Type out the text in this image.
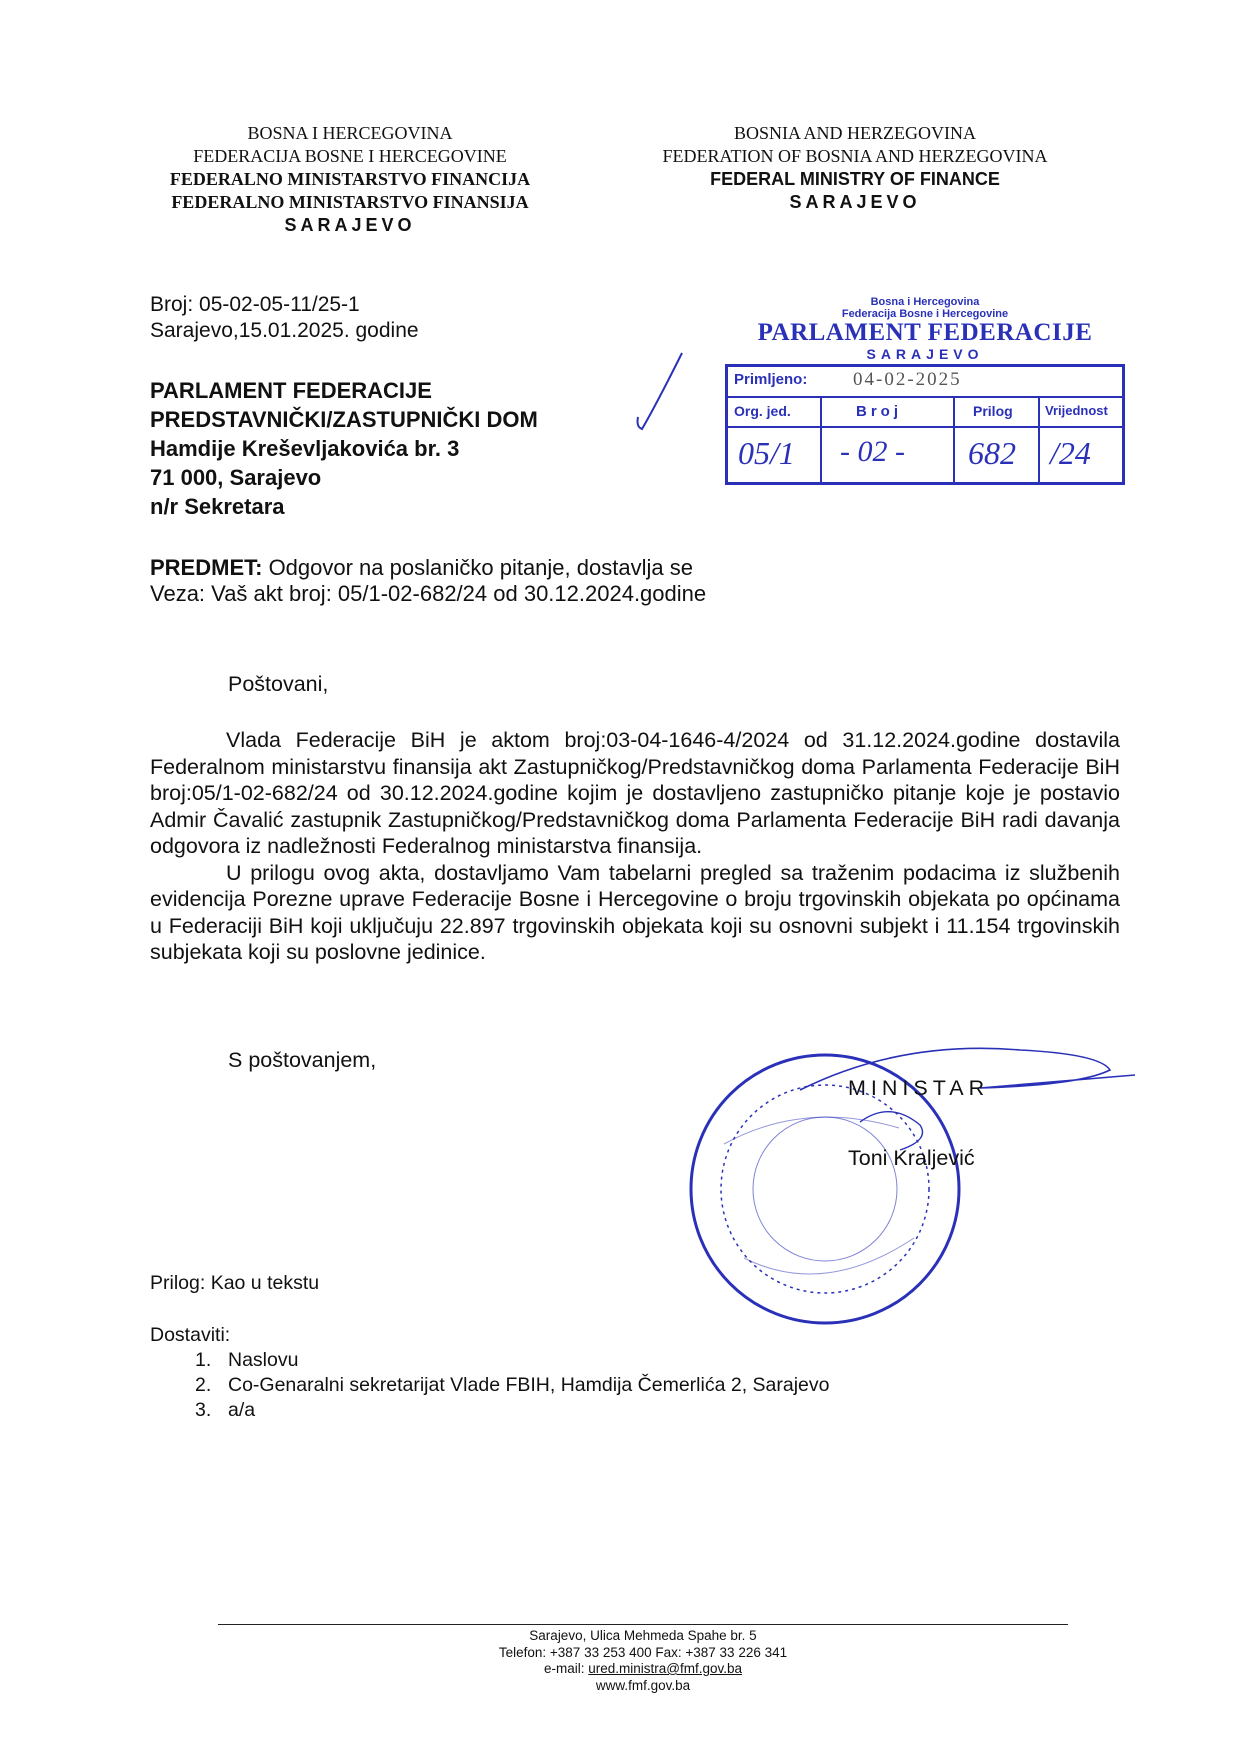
BOSNA I HERCEGOVINA
FEDERACIJA BOSNE I HERCEGOVINE
FEDERALNO MINISTARSTVO FINANCIJA
FEDERALNO MINISTARSTVO FINANSIJA
SARAJEVO
BOSNIA AND HERZEGOVINA
FEDERATION OF BOSNIA AND HERZEGOVINA
FEDERAL MINISTRY OF FINANCE
SARAJEVO
Broj: 05-02-05-11/25-1
Sarajevo,15.01.2025. godine
PARLAMENT FEDERACIJE
PREDSTAVNIČKI/ZASTUPNIČKI DOM
Hamdije Kreševljakovića br. 3
71 000, Sarajevo
n/r Sekretara
Bosna i Hercegovina
Federacija Bosne i Hercegovine
PARLAMENT FEDERACIJE
SARAJEVO
Primljeno: 04-02-2025
Org. jed.	Broj	Prilog Vrijednost
05/1 - 02 - 682 /24
PREDMET: Odgovor na poslaničko pitanje, dostavlja se
Veza: Vaš akt broj: 05/1-02-682/24 od 30.12.2024.godine
Poštovani,

Vlada Federacije BiH je aktom broj:03-04-1646-4/2024 od 31.12.2024.godine dostavila Federalnom ministarstvu finansija akt Zastupničkog/Predstavničkog doma Parlamenta Federacije BiH broj:05/1-02-682/24 od 30.12.2024.godine kojim je dostavljeno zastupničko pitanje koje je postavio Admir Čavalić zastupnik Zastupničkog/Predstavničkog doma Parlamenta Federacije BiH radi davanja odgovora iz nadležnosti Federalnog ministarstva finansija.

U prilogu ovog akta, dostavljamo Vam tabelarni pregled sa traženim podacima iz službenih evidencija Porezne uprave Federacije Bosne i Hercegovine o broju trgovinskih objekata po općinama u Federaciji BiH koji uključuju 22.897 trgovinskih objekata koji su osnovni subjekt i 11.154 trgovinskih subjekata koji su poslovne jedinice.

S poštovanjem,
MINISTAR
Toni Kraljević
Prilog: Kao u tekstu
Dostaviti:
1. Naslovu
2. Co-Genaralni sekretarijat Vlade FBIH, Hamdija Čemerlića 2, Sarajevo
3. a/a
Sarajevo, Ulica Mehmeda Spahe br. 5
Telefon: +387 33 253 400 Fax: +387 33 226 341
e-mail: ured.ministra@fmf.gov.ba
www.fmf.gov.ba
